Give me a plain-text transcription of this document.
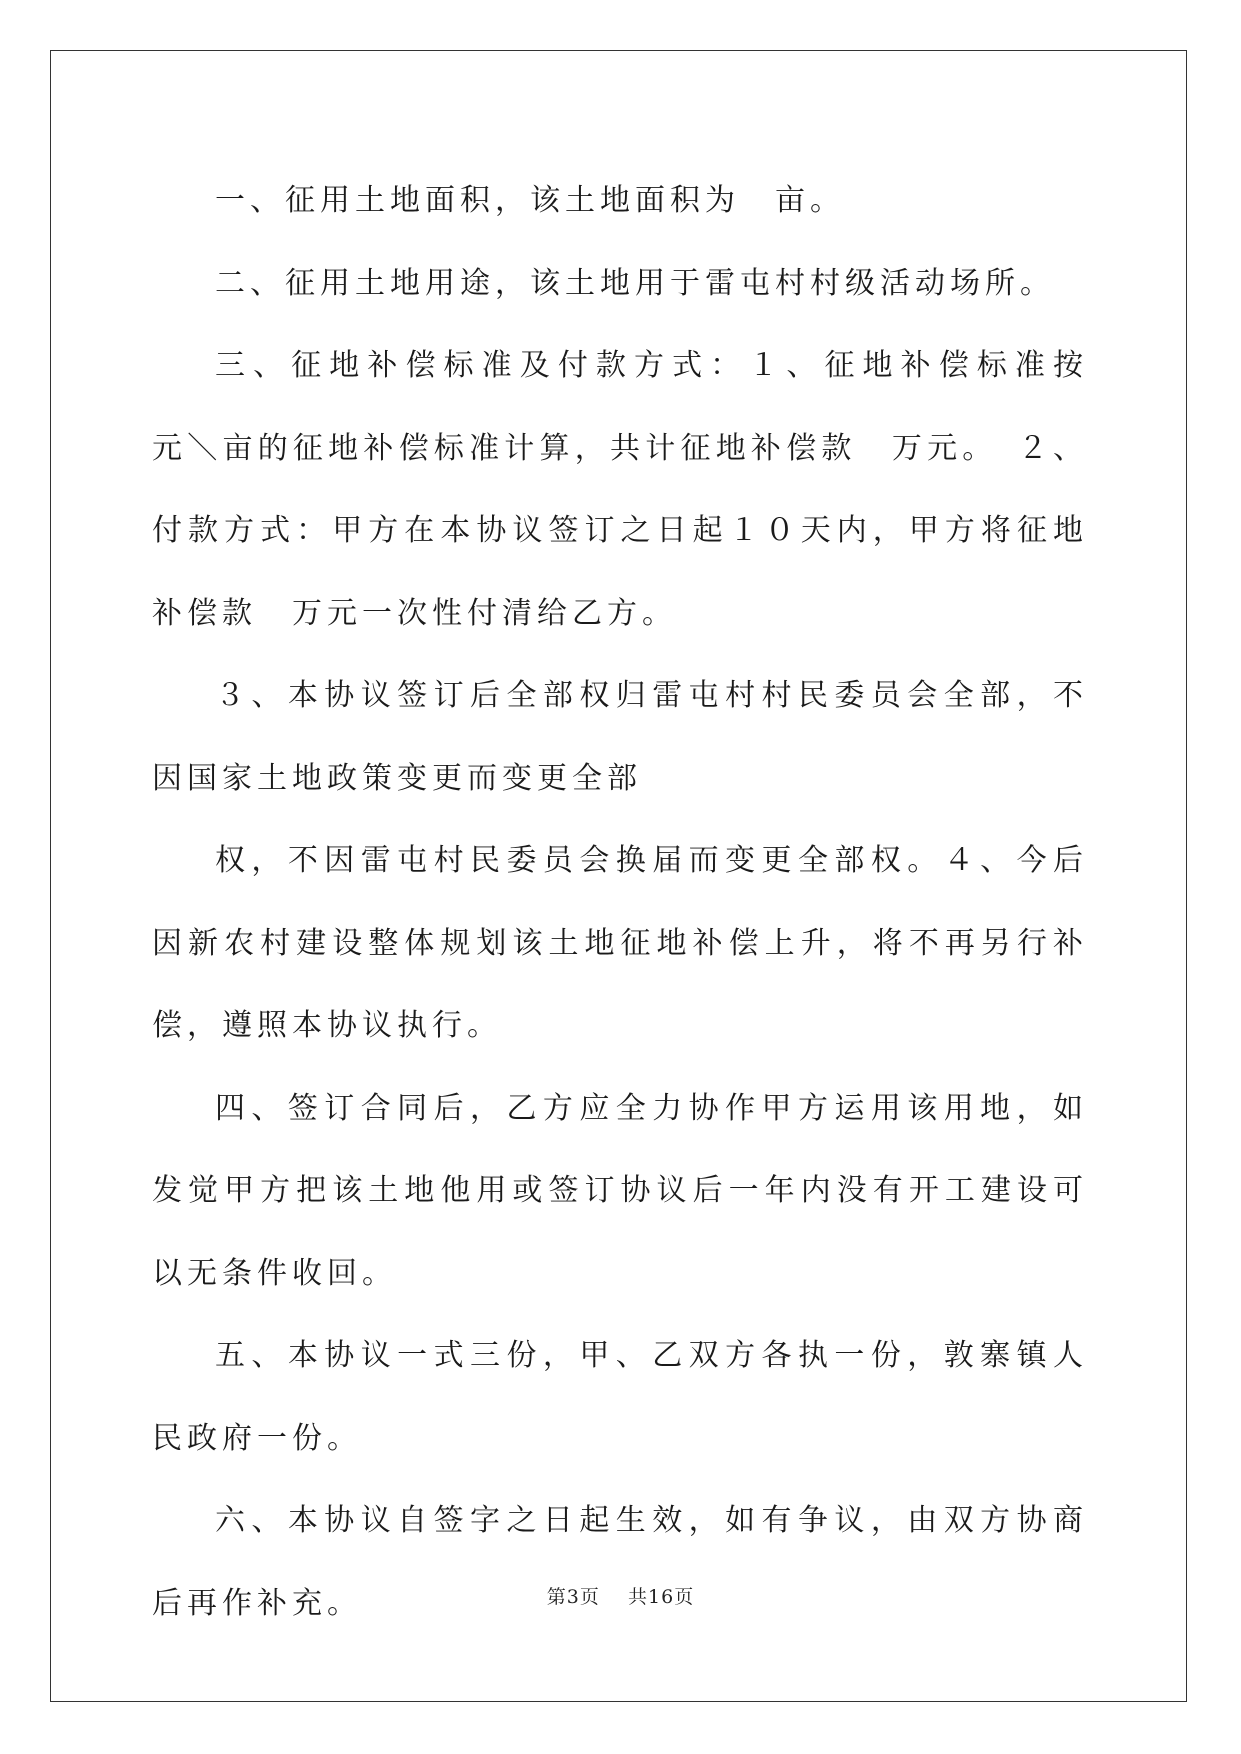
一、征用土地面积，该土地面积为　亩。

二、征用土地用途，该土地用于雷屯村村级活动场所。

三、征地补偿标准及付款方式：１、征地补偿标准按　元＼亩的征地补偿标准计算，共计征地补偿款　万元。　２、付款方式：甲方在本协议签订之日起１０天内，甲方将征地补偿款　万元一次性付清给乙方。

３、本协议签订后全部权归雷屯村村民委员会全部，不因国家土地政策变更而变更全部

权，不因雷屯村民委员会换届而变更全部权。４、今后因新农村建设整体规划该土地征地补偿上升，将不再另行补偿，遵照本协议执行。

四、签订合同后，乙方应全力协作甲方运用该用地，如发觉甲方把该土地他用或签订协议后一年内没有开工建设可以无条件收回。

五、本协议一式三份，甲、乙双方各执一份，敦寨镇人民政府一份。

六、本协议自签字之日起生效，如有争议，由双方协商后再作补充。	第3页 共16页
